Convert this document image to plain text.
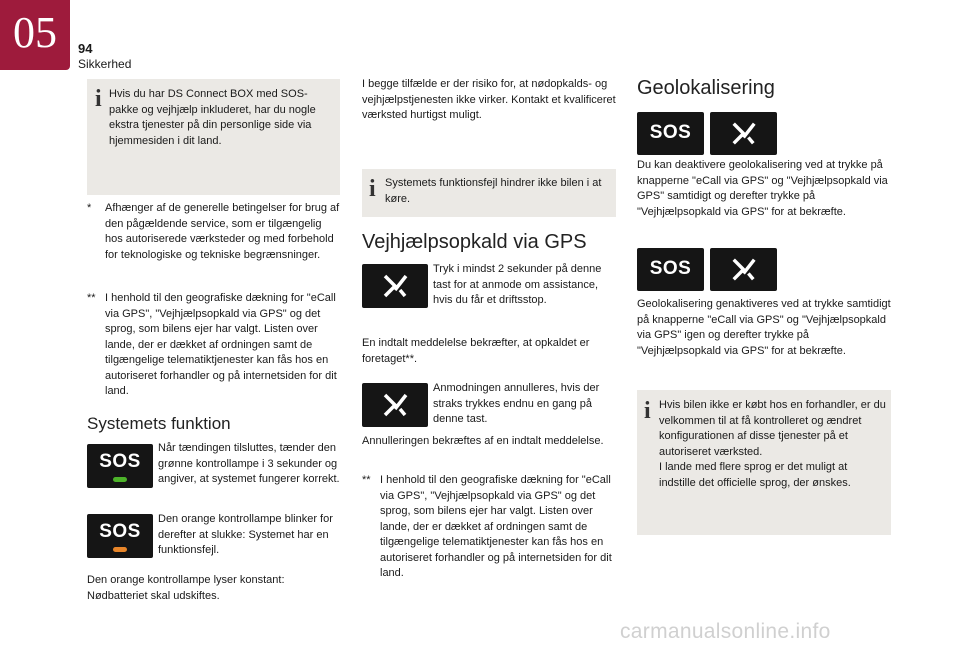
05	94
Sikkerhed
i Hvis du har DS Connect BOX med SOS-pakke og vejhjælp inkluderet, har du nogle ekstra tjenester på din personlige side via hjemmesiden i dit land.
* Afhænger af de generelle betingelser for brug af den pågældende service, som er tilgængelig hos autoriserede værksteder og med forbehold for teknologiske og tekniske begrænsninger.
** I henhold til den geografiske dækning for "eCall via GPS", "Vejhjælpsopkald via GPS" og det sprog, som bilens ejer har valgt. Listen over lande, der er dækket af ordningen samt de tilgængelige telematiktjenester kan fås hos en autoriseret forhandler og på internetsiden for dit land.
Systemets funktion
SOS
Når tændingen tilsluttes, tænder den grønne kontrollampe i 3 sekunder og angiver, at systemet fungerer korrekt.
SOS
Den orange kontrollampe blinker for derefter at slukke: Systemet har en funktionsfejl.
Den orange kontrollampe lyser konstant: Nødbatteriet skal udskiftes.
I begge tilfælde er der risiko for, at nødopkalds- og vejhjælpstjenesten ikke virker. Kontakt et kvalificeret værksted hurtigst muligt.
i Systemets funktionsfejl hindrer ikke bilen i at køre.
Vejhjælpsopkald via GPS
Tryk i mindst 2 sekunder på denne tast for at anmode om assistance, hvis du får et driftsstop.
En indtalt meddelelse bekræfter, at opkaldet er foretaget**.
Anmodningen annulleres, hvis der straks trykkes endnu en gang på denne tast.
Annulleringen bekræftes af en indtalt meddelelse.
** I henhold til den geografiske dækning for "eCall via GPS", "Vejhjælpsopkald via GPS" og det sprog, som bilens ejer har valgt. Listen over lande, der er dækket af ordningen samt de tilgængelige telematiktjenester kan fås hos en autoriseret forhandler og på internetsiden for dit land.
Geolokalisering
SOS
Du kan deaktivere geolokalisering ved at trykke på knapperne "eCall via GPS" og "Vejhjælpsopkald via GPS" samtidigt og derefter trykke på "Vejhjælpsopkald via GPS" for at bekræfte.
SOS
Geolokalisering genaktiveres ved at trykke samtidigt på knapperne "eCall via GPS" og "Vejhjælpsopkald via GPS" igen og derefter trykke på "Vejhjælpsopkald via GPS" for at bekræfte.
i Hvis bilen ikke er købt hos en forhandler, er du velkommen til at få kontrolleret og ændret konfigurationen af disse tjenester på et autoriseret værksted.
I lande med flere sprog er det muligt at indstille det officielle sprog, der ønskes.
carmanualsonline.info
